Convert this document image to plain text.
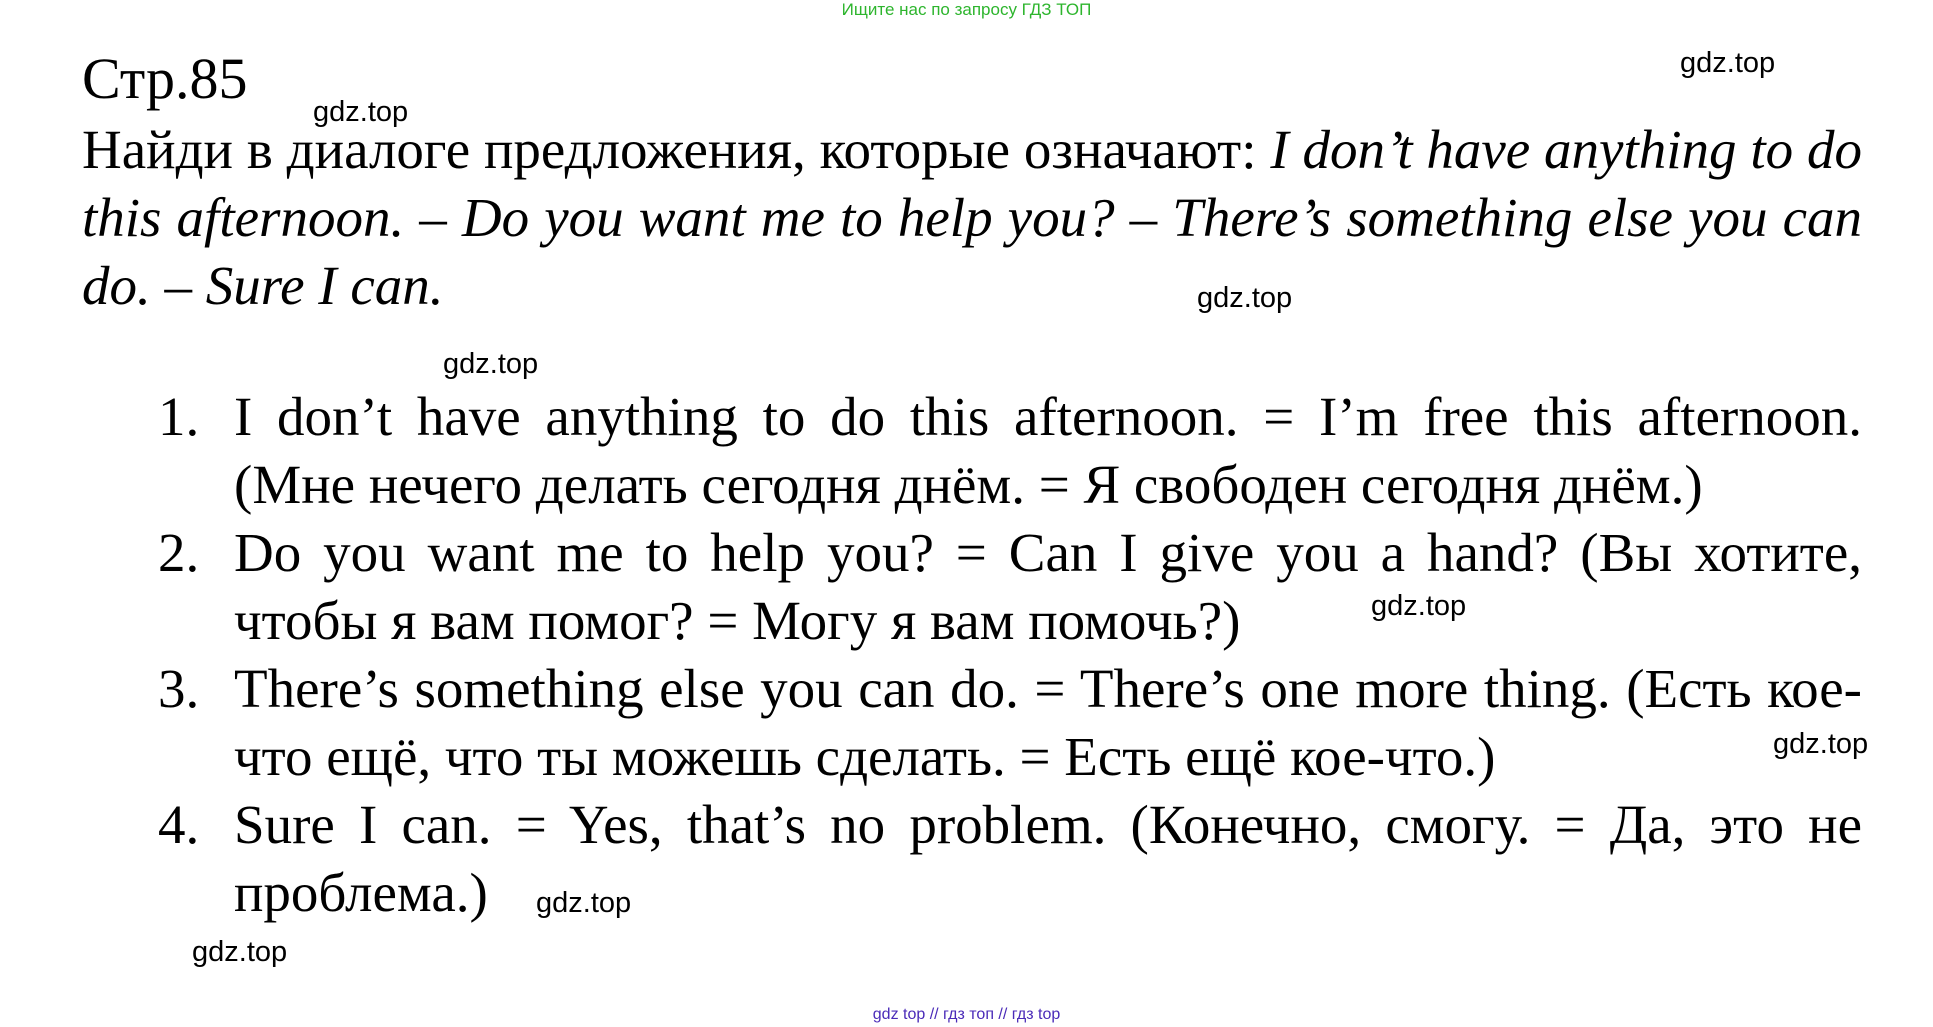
Ищите нас по запросу ГДЗ ТОП
Стр.85
Найди в диалоге предложения, которые означают: I don’t have anything to do this afternoon. – Do you want me to help you? – There’s something else you can do. – Sure I can.
1. I don’t have anything to do this afternoon. = I’m free this afternoon. (Мне нечего делать сегодня днём. = Я свободен сегодня днём.)
2. Do you want me to help you? = Can I give you a hand? (Вы хотите, чтобы я вам помог? = Могу я вам помочь?)
3. There’s something else you can do. = There’s one more thing. (Есть кое-что ещё, что ты можешь сделать. = Есть ещё кое-что.)
4. Sure I can. = Yes, that’s no problem. (Конечно, смогу. = Да, это не проблема.)
gdz.top
gdz.top
gdz.top
gdz.top
gdz.top
gdz.top
gdz.top
gdz.top
gdz top // гдз топ // гдз top
